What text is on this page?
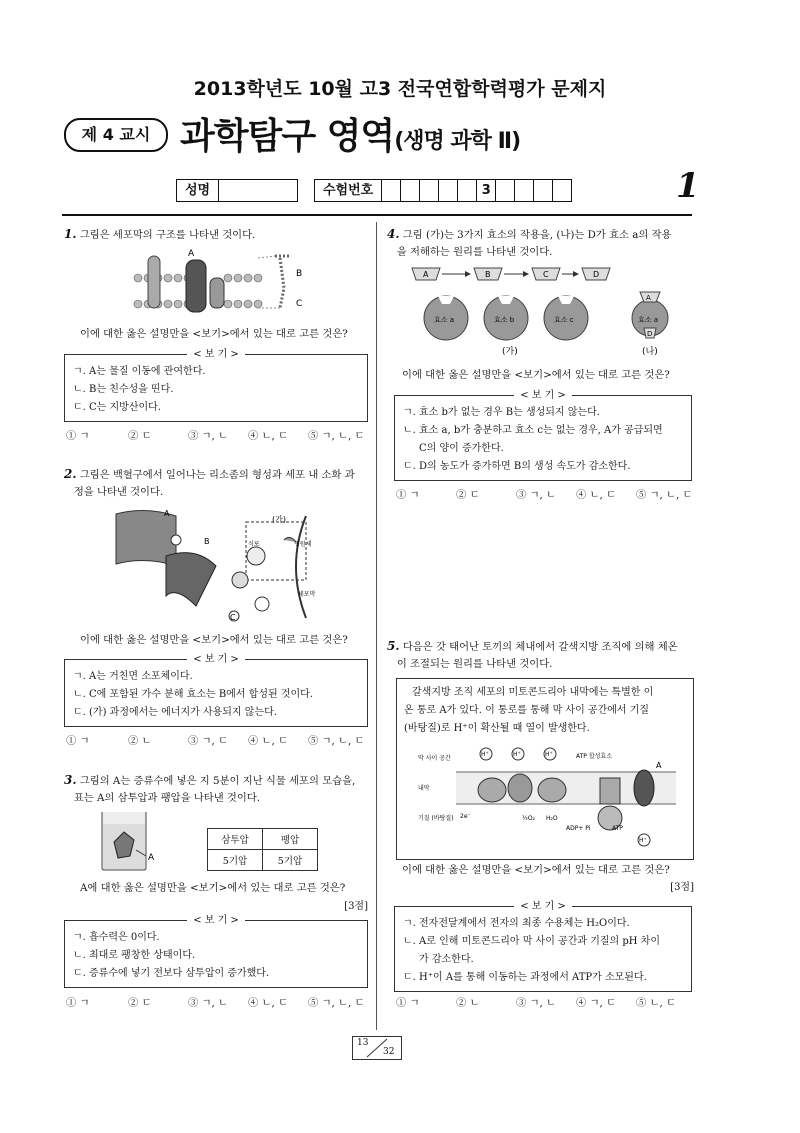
2013학년도 10월 고3 전국연합학력평가 문제지
제 4 교시 과학탐구 영역(생명 과학 Ⅱ)
성명	수험번호	3	1
1. 그림은 세포막의 구조를 나타낸 것이다.
A
B
C
이에 대한 옳은 설명만을 <보기>에서 있는 대로 고른 것은?
< 보 기 >
ㄱ. A는 물질 이동에 관여한다.
ㄴ. B는 친수성을 띤다.
ㄷ. C는 지방산이다.
① ㄱ	② ㄷ	③ ㄱ, ㄴ	④ ㄴ, ㄷ	⑤ ㄱ, ㄴ, ㄷ
2. 그림은 백혈구에서 일어나는 리소좀의 형성과 세포 내 소화 과
정을 나타낸 것이다.
A
B
C
(가)
식포	병원체
세포막
이에 대한 옳은 설명만을 <보기>에서 있는 대로 고른 것은?
< 보 기 >
ㄱ. A는 거친면 소포체이다.
ㄴ. C에 포함된 가수 분해 효소는 B에서 합성된 것이다.
ㄷ. (가) 과정에서는 에너지가 사용되지 않는다.
① ㄱ	② ㄴ	③ ㄱ, ㄷ	④ ㄴ, ㄷ	⑤ ㄱ, ㄴ, ㄷ
3. 그림의 A는 증류수에 넣은 지 5분이 지난 식물 세포의 모습을,
표는 A의 삼투압과 팽압을 나타낸 것이다.
A
삼투압	팽압
5기압	5기압
A에 대한 옳은 설명만을 <보기>에서 있는 대로 고른 것은?
[3점]
< 보 기 >
ㄱ. 흡수력은 0이다.
ㄴ. 최대로 팽창한 상태이다.
ㄷ. 증류수에 넣기 전보다 삼투압이 증가했다.
① ㄱ	② ㄷ	③ ㄱ, ㄴ	④ ㄴ, ㄷ	⑤ ㄱ, ㄴ, ㄷ
4. 그림 (가)는 3가지 효소의 작용을, (나)는 D가 효소 a의 작용
을 저해하는 원리를 나타낸 것이다.
A	B	C	D
효소 a	효소 b	효소 c	효소 a
A
D
(가)	(나)
이에 대한 옳은 설명만을 <보기>에서 있는 대로 고른 것은?
< 보 기 >
ㄱ. 효소 b가 없는 경우 B는 생성되지 않는다.
ㄴ. 효소 a, b가 충분하고 효소 c는 없는 경우, A가 공급되면
C의 양이 증가한다.
ㄷ. D의 농도가 증가하면 B의 생성 속도가 감소한다.
① ㄱ	② ㄷ	③ ㄱ, ㄴ	④ ㄴ, ㄷ	⑤ ㄱ, ㄴ, ㄷ
5. 다음은 갓 태어난 토끼의 체내에서 갈색지방 조직에 의해 체온
이 조절되는 원리를 나타낸 것이다.
갈색지방 조직 세포의 미토콘드리아 내막에는 특별한 이
온 통로 A가 있다. 이 통로를 통해 막 사이 공간에서 기질
(바탕질)로 H⁺이 확산될 때 열이 발생한다.
H⁺	H⁺	H⁺
H⁺
막 사이 공간
내막
기질 (바탕질)
ATP 합성효소
A
2e⁻	½O₂ H₂O
ADP+ Pi	ATP
이에 대한 옳은 설명만을 <보기>에서 있는 대로 고른 것은?
[3점]
< 보 기 >
ㄱ. 전자전달계에서 전자의 최종 수용체는 H₂O이다.
ㄴ. A로 인해 미토콘드리아 막 사이 공간과 기질의 pH 차이
가 감소한다.
ㄷ. H⁺이 A를 통해 이동하는 과정에서 ATP가 소모된다.
① ㄱ	② ㄴ	③ ㄱ, ㄴ	④ ㄱ, ㄷ	⑤ ㄴ, ㄷ
13
32
